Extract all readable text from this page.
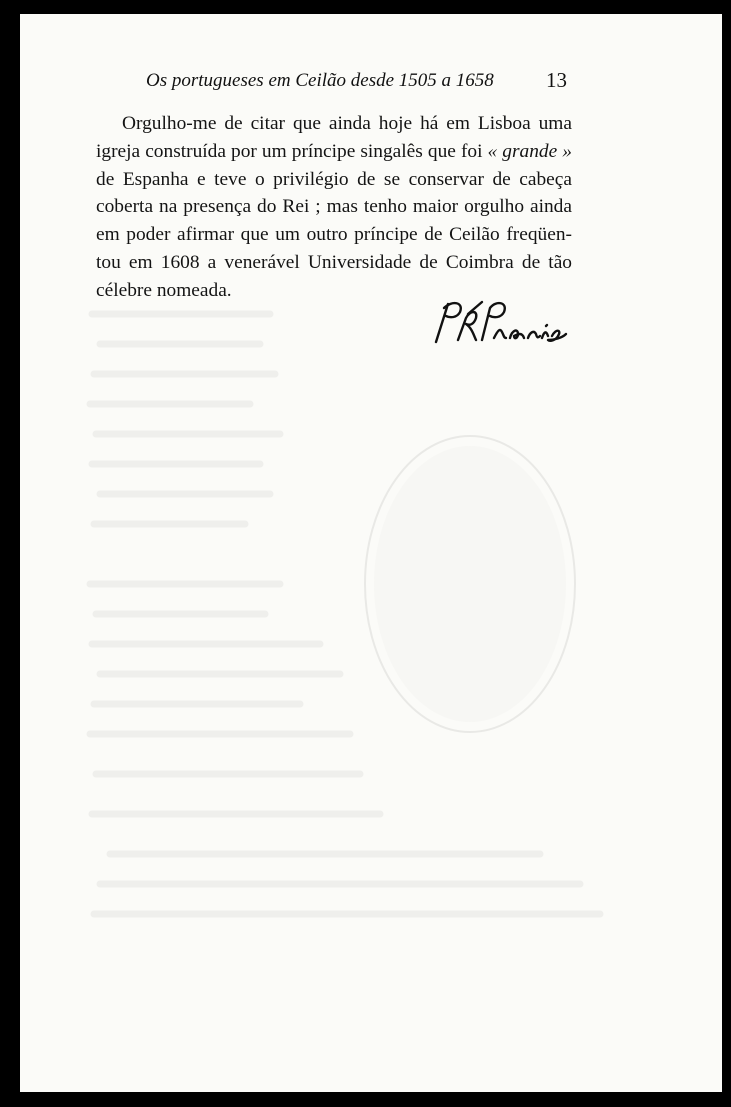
Os portugueses em Ceilão desde 1505 a 1658	13

Orgulho-me de citar que ainda hoje há em Lisboa uma
igreja construída por um príncipe singalês que foi « grande »
de Espanha e teve o privilégio de se conservar de cabeça
coberta na presença do Rei ; mas tenho maior orgulho ainda
em poder afirmar que um outro príncipe de Ceilão freqüen-
tou em 1608 a venerável Universidade de Coimbra de tão
célebre nomeada.
